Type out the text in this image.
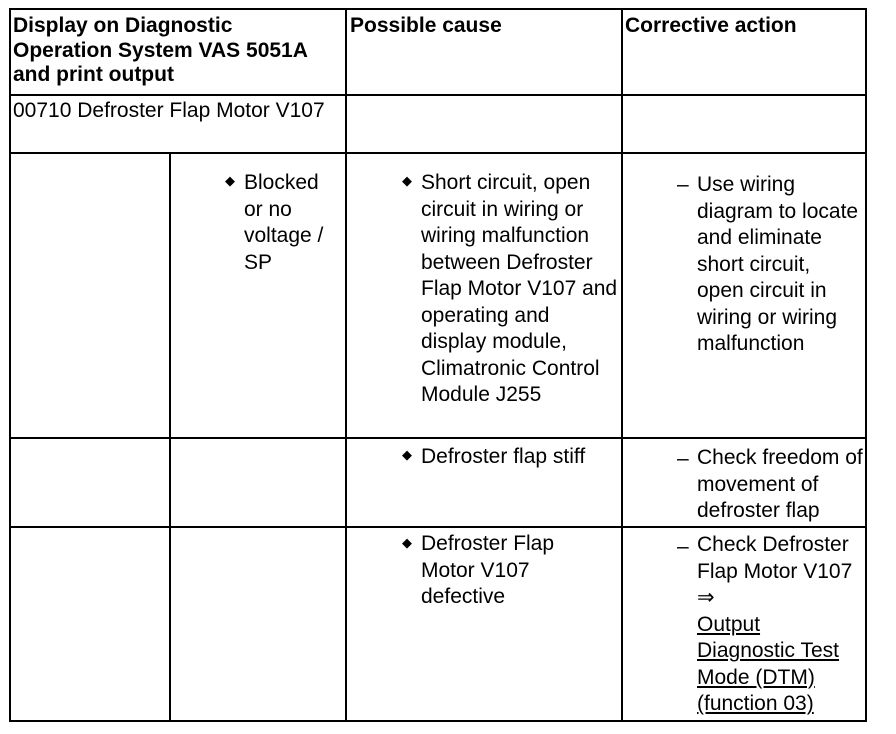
Display on Diagnostic Operation System VAS 5051A and print output
Possible cause	Corrective action
00710 Defroster Flap Motor V107
◆ Blocked or no voltage / SP
◆ Short circuit, open circuit in wiring or wiring malfunction between Defroster Flap Motor V107 and operating and display module, Climatronic Control Module J255
– Use wiring diagram to locate and eliminate short circuit, open circuit in wiring or wiring malfunction
◆ Defroster flap stiff	– Check freedom of movement of defroster flap
◆ Defroster Flap Motor V107 defective
– Check Defroster Flap Motor V107 ⇒
Output Diagnostic Test Mode (DTM) (function 03)
